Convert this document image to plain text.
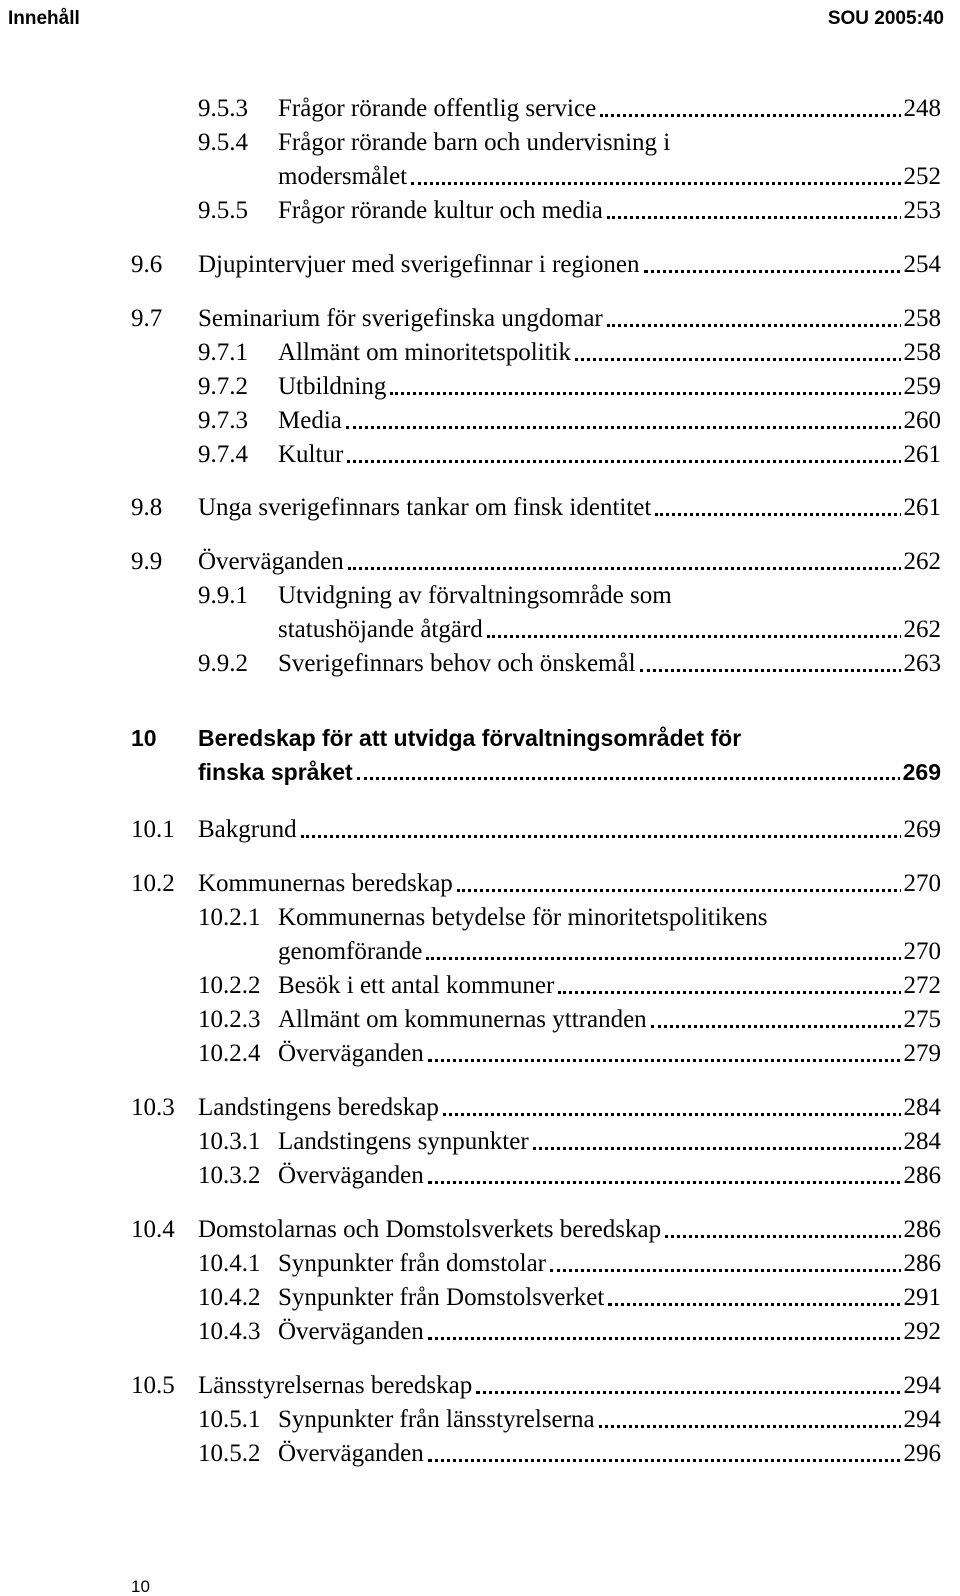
Innehåll	SOU 2005:40
9.5.3 Frågor rörande offentlig service	248
9.5.4 Frågor rörande barn och undervisning i
modersmålet	252
9.5.5 Frågor rörande kultur och media	253
9.6 Djupintervjuer med sverigefinnar i regionen	254
9.7 Seminarium för sverigefinska ungdomar	258
9.7.1 Allmänt om minoritetspolitik	258
9.7.2 Utbildning	259
9.7.3 Media	260
9.7.4 Kultur	261
9.8 Unga sverigefinnars tankar om finsk identitet	261
9.9 Överväganden	262
9.9.1 Utvidgning av förvaltningsområde som
statushöjande åtgärd	262
9.9.2 Sverigefinnars behov och önskemål	263
10 Beredskap för att utvidga förvaltningsområdet för
finska språket	269
10.1 Bakgrund	269
10.2 Kommunernas beredskap	270
10.2.1 Kommunernas betydelse för minoritetspolitikens
genomförande	270
10.2.2 Besök i ett antal kommuner	272
10.2.3 Allmänt om kommunernas yttranden	275
10.2.4 Överväganden	279
10.3 Landstingens beredskap	284
10.3.1 Landstingens synpunkter	284
10.3.2 Överväganden	286
10.4 Domstolarnas och Domstolsverkets beredskap	286
10.4.1 Synpunkter från domstolar	286
10.4.2 Synpunkter från Domstolsverket	291
10.4.3 Överväganden	292
10.5 Länsstyrelsernas beredskap	294
10.5.1 Synpunkter från länsstyrelserna	294
10.5.2 Överväganden	296
10
